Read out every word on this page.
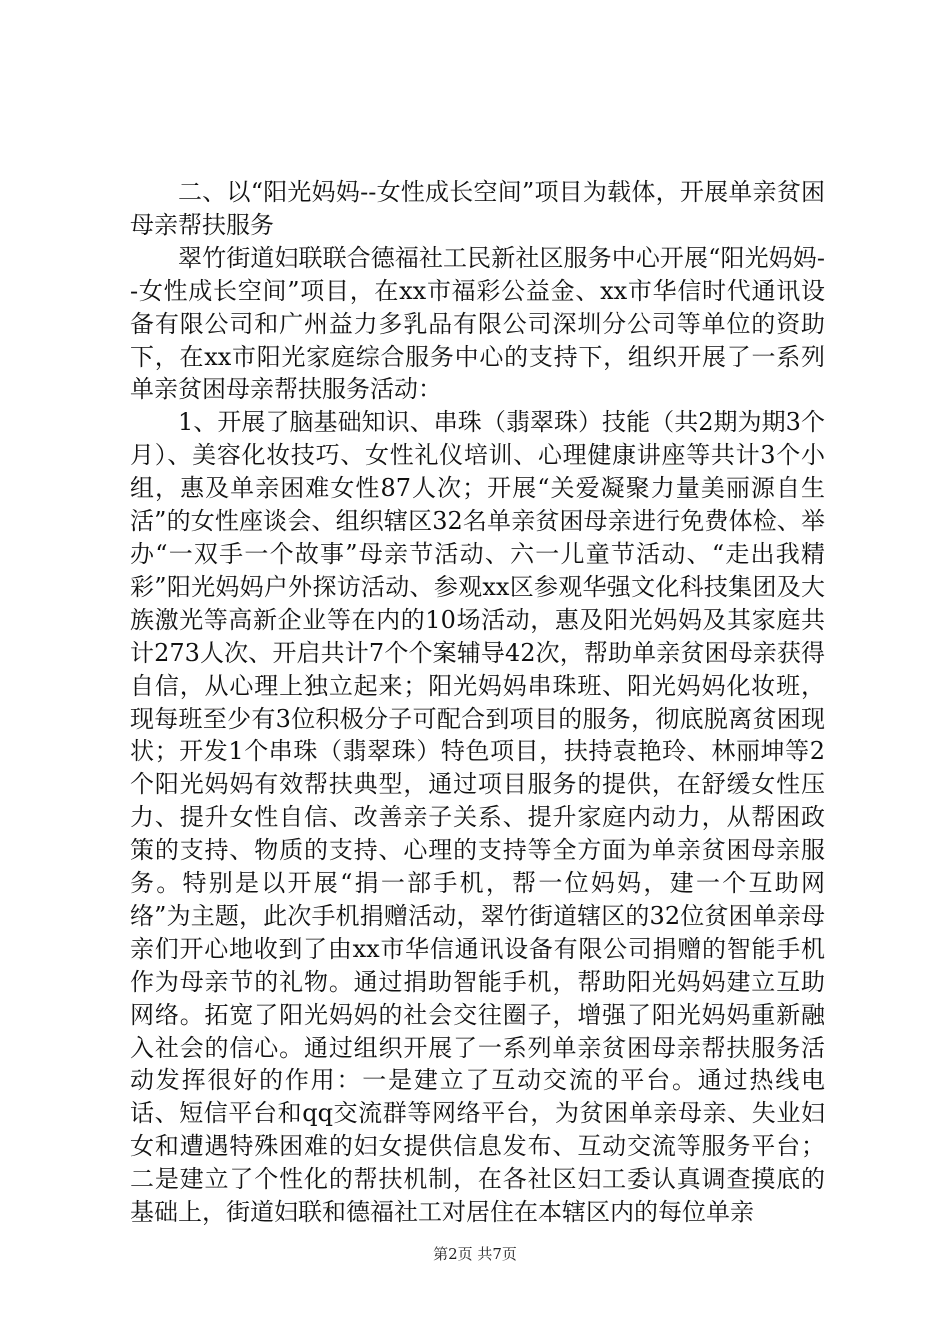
二、以“阳光妈妈--女性成长空间”项目为载体，开展单亲贫困母亲帮扶服务

翠竹街道妇联联合德福社工民新社区服务中心开展“阳光妈妈--女性成长空间”项目，在xx市福彩公益金、xx市华信时代通讯设备有限公司和广州益力多乳品有限公司深圳分公司等单位的资助下，在xx市阳光家庭综合服务中心的支持下，组织开展了一系列单亲贫困母亲帮扶服务活动：

1、开展了脑基础知识、串珠（翡翠珠）技能（共2期为期3个月）、美容化妆技巧、女性礼仪培训、心理健康讲座等共计3个小组，惠及单亲困难女性87人次；开展“关爱凝聚力量美丽源自生活”的女性座谈会、组织辖区32名单亲贫困母亲进行免费体检、举办“一双手一个故事”母亲节活动、六一儿童节活动、“走出我精彩”阳光妈妈户外探访活动、参观xx区参观华强文化科技集团及大族激光等高新企业等在内的10场活动，惠及阳光妈妈及其家庭共计273人次、开启共计7个个案辅导42次，帮助单亲贫困母亲获得自信，从心理上独立起来；阳光妈妈串珠班、阳光妈妈化妆班，现每班至少有3位积极分子可配合到项目的服务，彻底脱离贫困现状；开发1个串珠（翡翠珠）特色项目，扶持袁艳玲、林丽坤等2个阳光妈妈有效帮扶典型，通过项目服务的提供，在舒缓女性压力、提升女性自信、改善亲子关系、提升家庭内动力，从帮困政策的支持、物质的支持、心理的支持等全方面为单亲贫困母亲服务。特别是以开展“捐一部手机，帮一位妈妈，建一个互助网络”为主题，此次手机捐赠活动，翠竹街道辖区的32位贫困单亲母亲们开心地收到了由xx市华信通讯设备有限公司捐赠的智能手机作为母亲节的礼物。通过捐助智能手机，帮助阳光妈妈建立互助网络。拓宽了阳光妈妈的社会交往圈子，增强了阳光妈妈重新融入社会的信心。通过组织开展了一系列单亲贫困母亲帮扶服务活动发挥很好的作用：一是建立了互动交流的平台。通过热线电话、短信平台和qq交流群等网络平台，为贫困单亲母亲、失业妇女和遭遇特殊困难的妇女提供信息发布、互动交流等服务平台；二是建立了个性化的帮扶机制，在各社区妇工委认真调查摸底的基础上，街道妇联和德福社工对居住在本辖区内的每位单亲

第2页 共7页
